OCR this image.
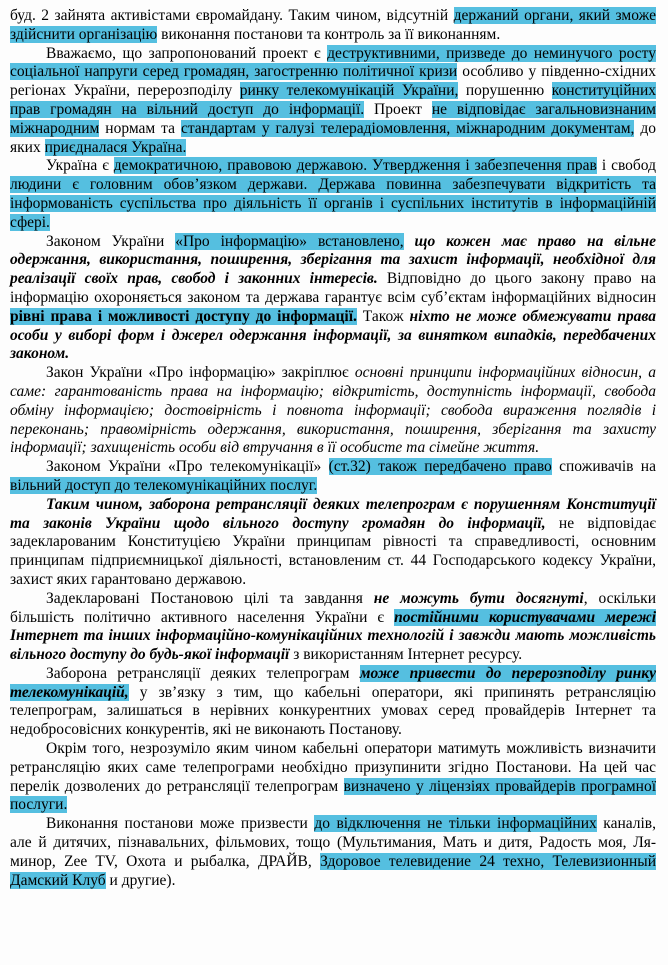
буд. 2 зайнята активістами євромайдану. Таким чином, відсутній держаний органи, який зможе здійснити організацію виконання постанови та контроль за її виконанням.

Вважаємо, що запропонований проект є деструктивними, призведе до неминучого росту соціальної напруги серед громадян, загостренню політичної кризи особливо у південно-східних регіонах України, перерозподілу ринку телекомунікацій України, порушенню конституційних прав громадян на вільний доступ до інформації. Проект не відповідає загальновизнаним міжнародним нормам та стандартам у галузі телерадіомовлення, міжнародним документам, до яких приєдналася Україна.

Україна є демократичною, правовою державою. Утвердження і забезпечення прав і свобод людини є головним обов’язком держави. Держава повинна забезпечувати відкритість та інформованість суспільства про діяльність її органів і суспільних інститутів в інформаційній сфері.

Законом України «Про інформацію» встановлено, що кожен має право на вільне одержання, використання, поширення, зберігання та захист інформації, необхідної для реалізації своїх прав, свобод і законних інтересів. Відповідно до цього закону право на інформацію охороняється законом та держава гарантує всім суб’єктам інформаційних відносин рівні права і можливості доступу до інформації. Також ніхто не може обмежувати права особи у виборі форм і джерел одержання інформації, за винятком випадків, передбачених законом.

Закон України «Про інформацію» закріплює основні принципи інформаційних відносин, а саме: гарантованість права на інформацію; відкритість, доступність інформації, свобода обміну інформацією; достовірність і повнота інформації; свобода вираження поглядів і переконань; правомірність одержання, використання, поширення, зберігання та захисту інформації; захищеність особи від втручання в її особисте та сімейне життя.

Законом України «Про телекомунікації» (ст.32) також передбачено право споживачів на вільний доступ до телекомунікаційних послуг.

Таким чином, заборона ретрансляції деяких телепрограм є порушенням Конституції та законів України щодо вільного доступу громадян до інформації, не відповідає задекларованим Конституцією України принципам рівності та справедливості, основним принципам підприємницької діяльності, встановленим ст. 44 Господарського кодексу України, захист яких гарантовано державою.

Задекларовані Постановою цілі та завдання не можуть бути досягнуті, оскільки більшість політично активного населення України є постійними користувачами мережі Інтернет та інших інформаційно-комунікаційних технологій і завжди мають можливість вільного доступу до будь-якої інформації з використанням Інтернет ресурсу.

Заборона ретрансляції деяких телепрограм може привести до перерозподілу ринку телекомунікацій, у зв’язку з тим, що кабельні оператори, які припинять ретрансляцію телепрограм, залишаться в нерівних конкурентних умовах серед провайдерів Інтернет та недобросовісних конкурентів, які не виконають Постанову.

Окрім того, незрозуміло яким чином кабельні оператори матимуть можливість визначити ретрансляцію яких саме телепрограми необхідно призупинити згідно Постанови. На цей час перелік дозволених до ретрансляції телепрограм визначено у ліцензіях провайдерів програмної послуги.

Виконання постанови може призвести до відключення не тільки інформаційних каналів, але й дитячих, пізнавальних, фільмових, тощо (Мультимания, Мать и дитя, Радость моя, Ля-минор, Zee TV, Охота и рыбалка, ДРАЙВ, Здоровое телевидение 24 техно, Телевизионный Дамский Клуб и другие).
